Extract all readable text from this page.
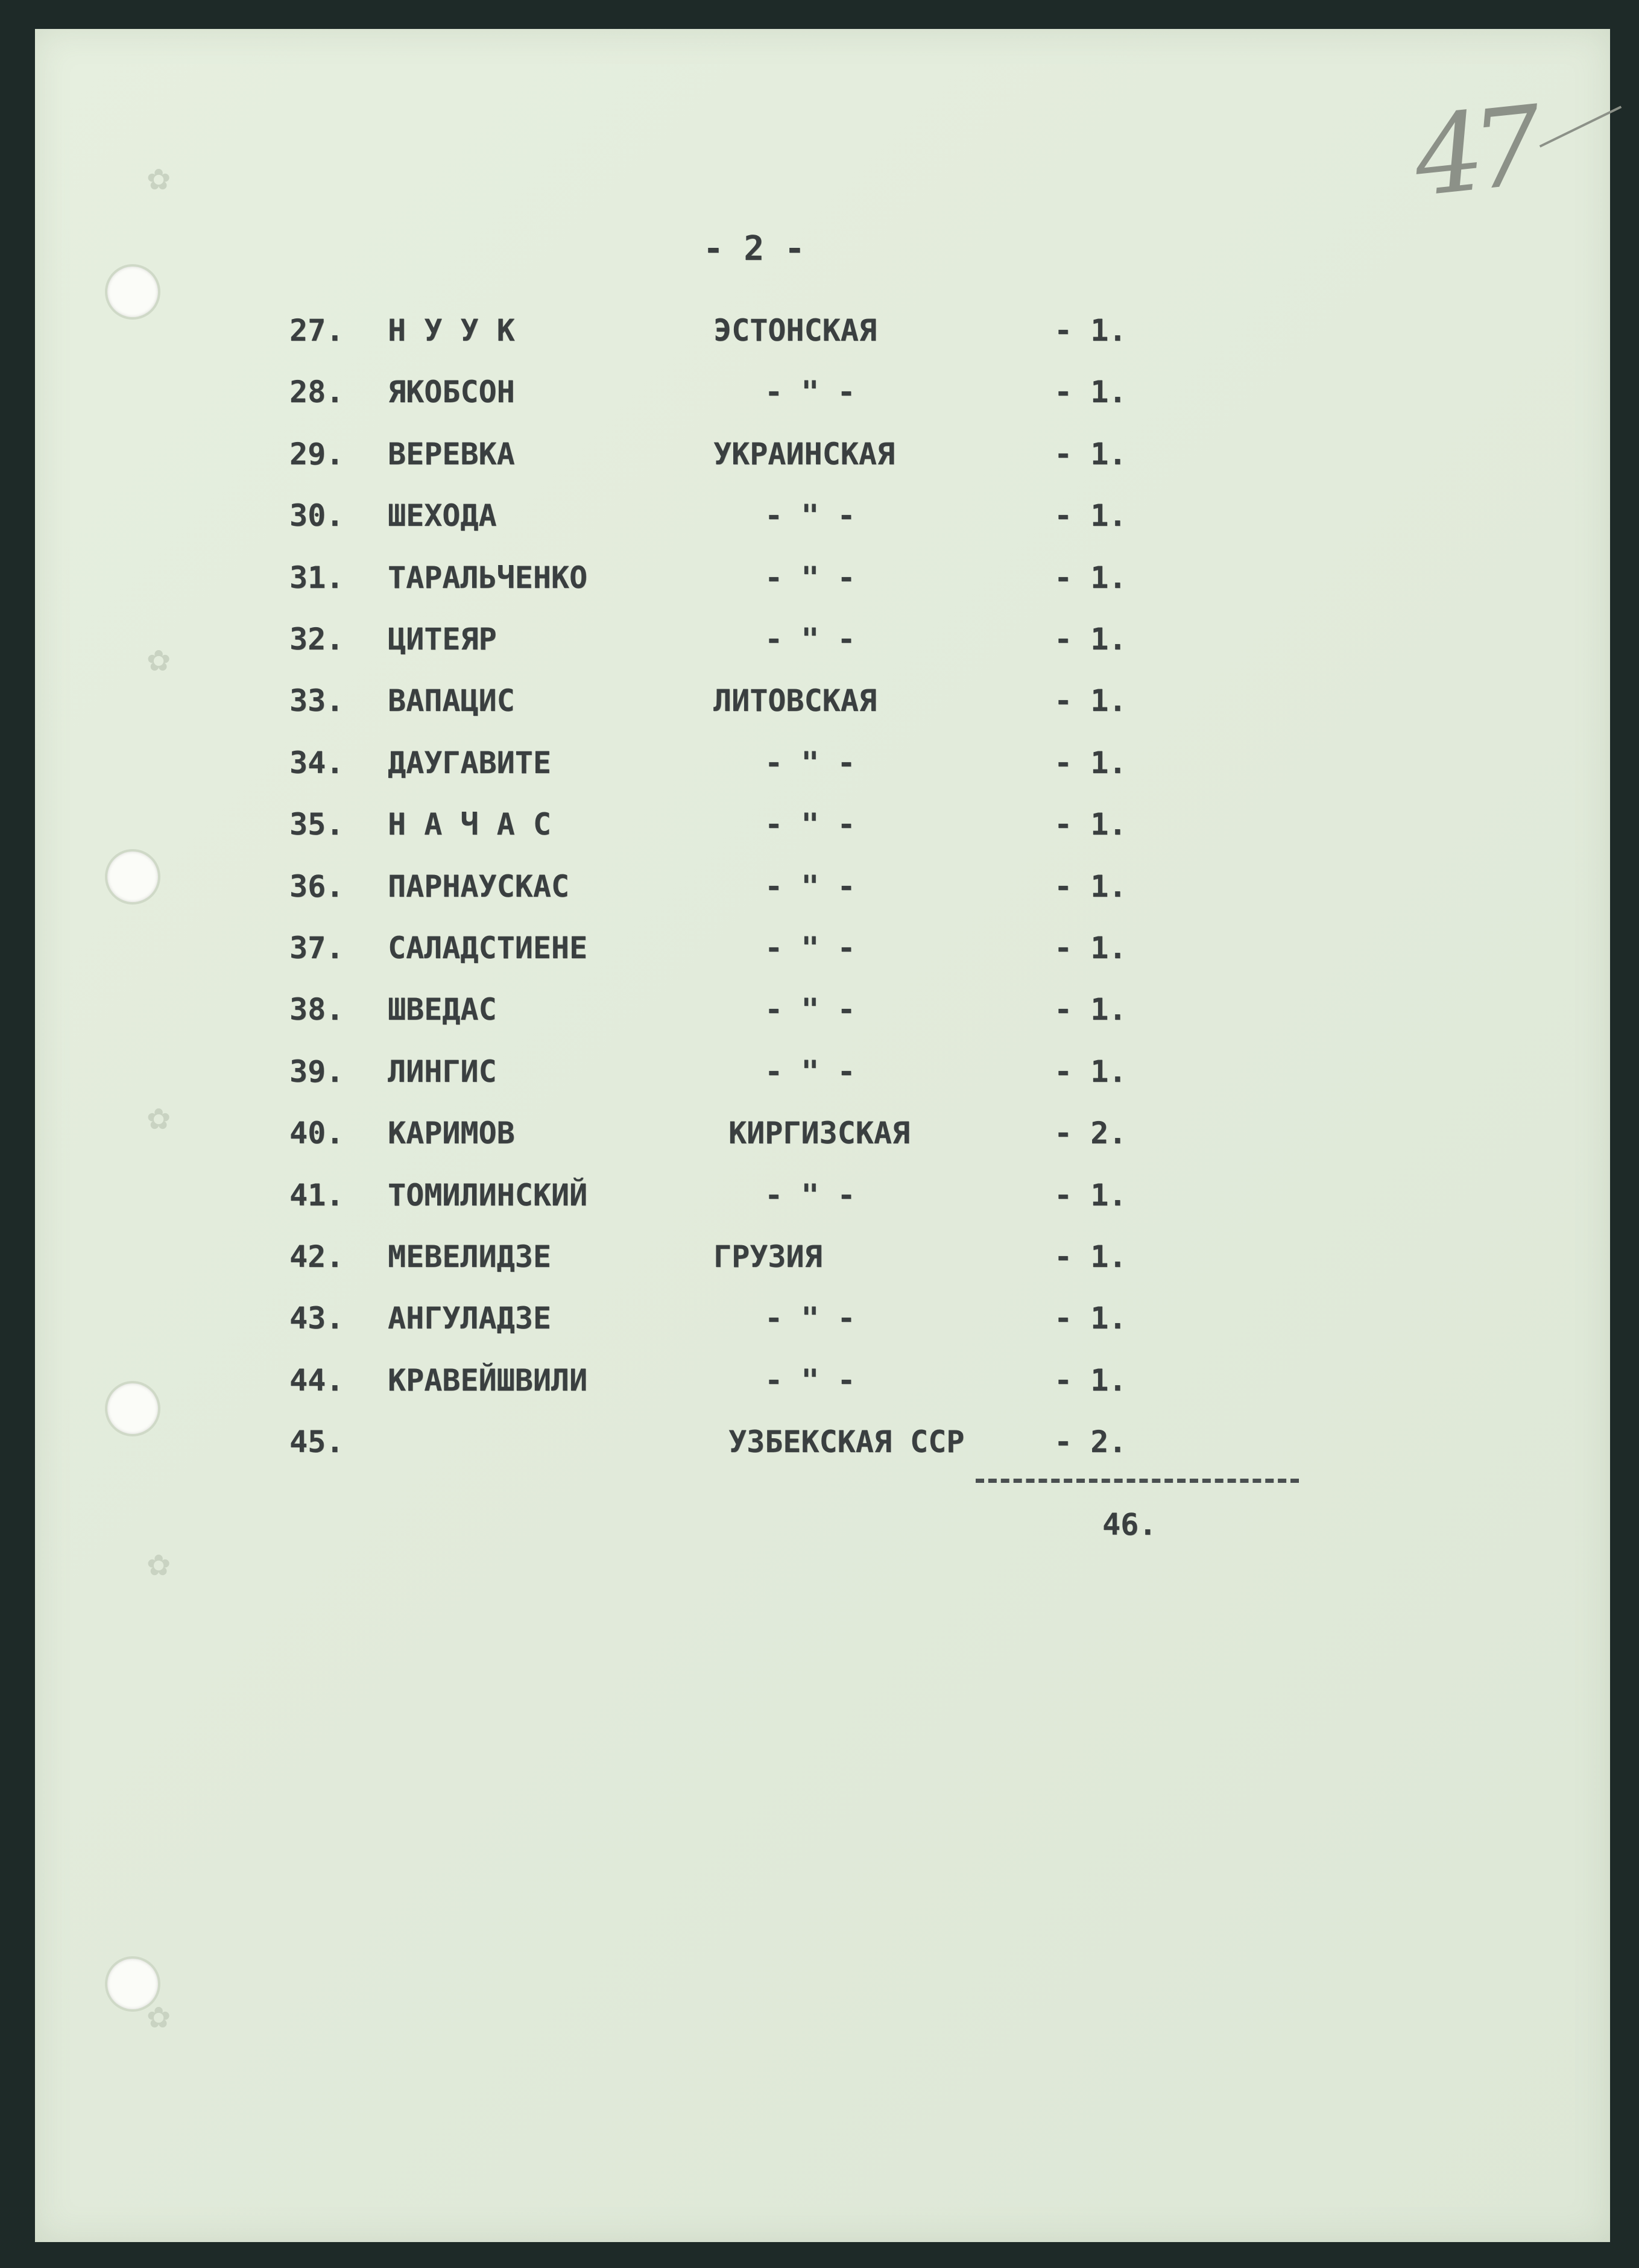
✿
✿
✿
✿
✿
47
- 2 -
27. Н У У К	ЭСТОНСКАЯ	- 1.
28. ЯКОБСОН	- " -	- 1.
29. ВЕРЕВКА	УКРАИНСКАЯ	- 1.
30. ШЕХОДА	- " -	- 1.
31. ТАРАЛЬЧЕНКО	- " -	- 1.
32. ЦИТЕЯР	- " -	- 1.
33. ВАПАЦИС	ЛИТОВСКАЯ	- 1.
34. ДАУГАВИТЕ	- " -	- 1.
35. Н А Ч А С	- " -	- 1.
36. ПАРНАУСКАС	- " -	- 1.
37. САЛАДСТИЕНЕ	- " -	- 1.
38. ШВЕДАС	- " -	- 1.
39. ЛИНГИС	- " -	- 1.
40. КАРИМОВ	КИРГИЗСКАЯ	- 2.
41. ТОМИЛИНСКИЙ	- " -	- 1.
42. МЕВЕЛИДЗЕ	ГРУЗИЯ	- 1.
43. АНГУЛАДЗЕ	- " -	- 1.
44. КРАВЕЙШВИЛИ	- " -	- 1.
45.	УЗБЕКСКАЯ ССР	- 2.
46.
